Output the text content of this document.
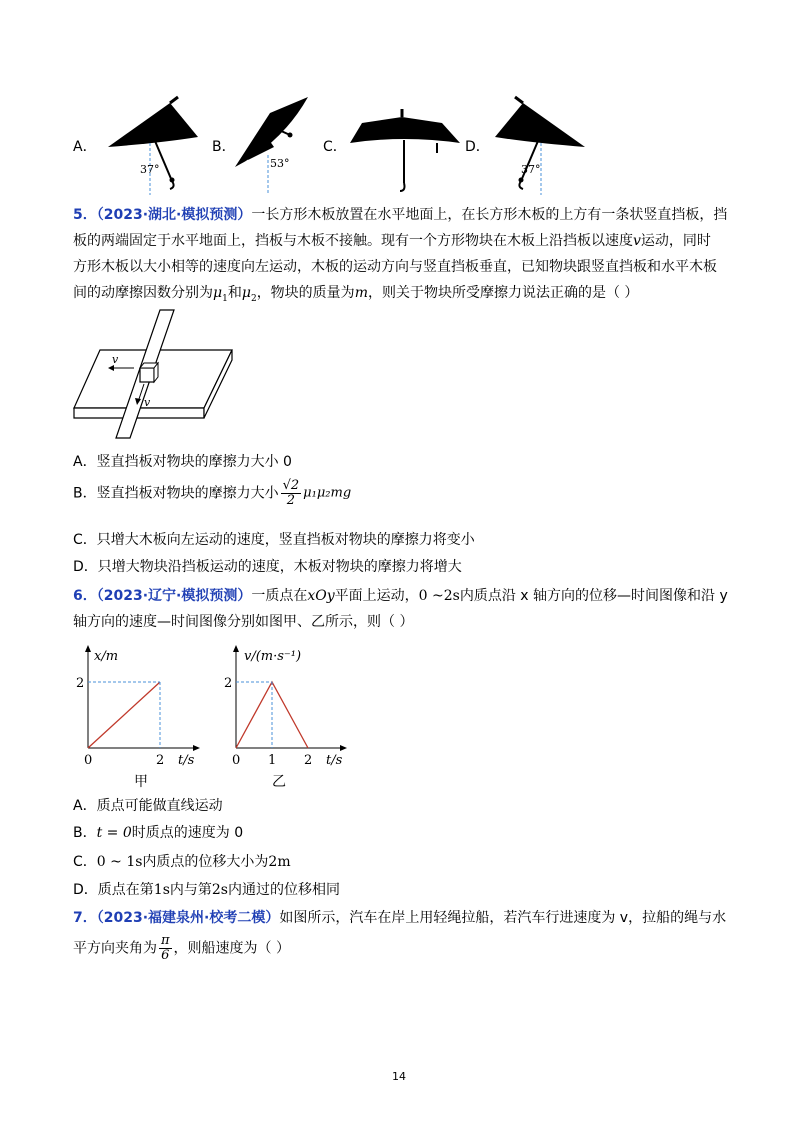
A．
37°
B．
53°
C．	D．
37°
5．（2023·湖北·模拟预测）一长方形木板放置在水平地面上，在长方形木板的上方有一条状竖直挡板，挡
板的两端固定于水平地面上，挡板与木板不接触。现有一个方形物块在木板上沿挡板以速度v运动，同时
方形木板以大小相等的速度向左运动，木板的运动方向与竖直挡板垂直，已知物块跟竖直挡板和水平木板
间的动摩擦因数分别为$\mu_1$和$\mu_2$，物块的质量为m，则关于物块所受摩擦力说法正确的是（ ）
v
v
A．竖直挡板对物块的摩擦力大小 0
B．竖直挡板对物块的摩擦力大小 $\frac{√2}{2} \mu_1\mu_2mg$
C．只增大木板向左运动的速度，竖直挡板对物块的摩擦力将变小
D．只增大物块沿挡板运动的速度，木板对物块的摩擦力将增大
6．（2023·辽宁·模拟预测）一质点在xOy平面上运动，0 ~2s内质点沿 x 轴方向的位移—时间图像和沿 y
轴方向的速度—时间图像分别如图甲、乙所示，则（ ）
x/m
2
0	2 t/s
甲
v/(m·s⁻¹)
2
0 1 2 t/s
乙
A．质点可能做直线运动
B．t = 0时质点的速度为 0
C．0 ~ 1s内质点的位移大小为2m
D．质点在第1s内与第2s内通过的位移相同
7．（2023·福建泉州·校考二模）如图所示，汽车在岸上用轻绳拉船，若汽车行进速度为 v，拉船的绳与水
平方向夹角为 $\frac{\pi}{6}$ ，则船速度为（ ）
14
